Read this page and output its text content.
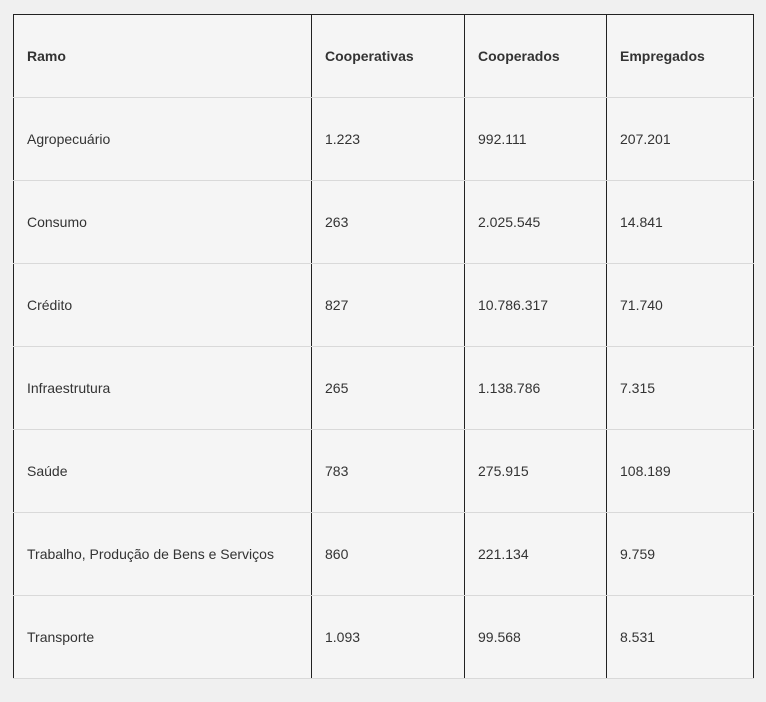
Ramo	Cooperativas	Cooperados	Empregados
Agropecuário	1.223	992.111	207.201
Consumo	263	2.025.545	14.841
Crédito	827	10.786.317	71.740
Infraestrutura	265	1.138.786	7.315
Saúde	783	275.915	108.189
Trabalho, Produção de Bens e Serviços	860	221.134	9.759
Transporte	1.093	99.568	8.531
